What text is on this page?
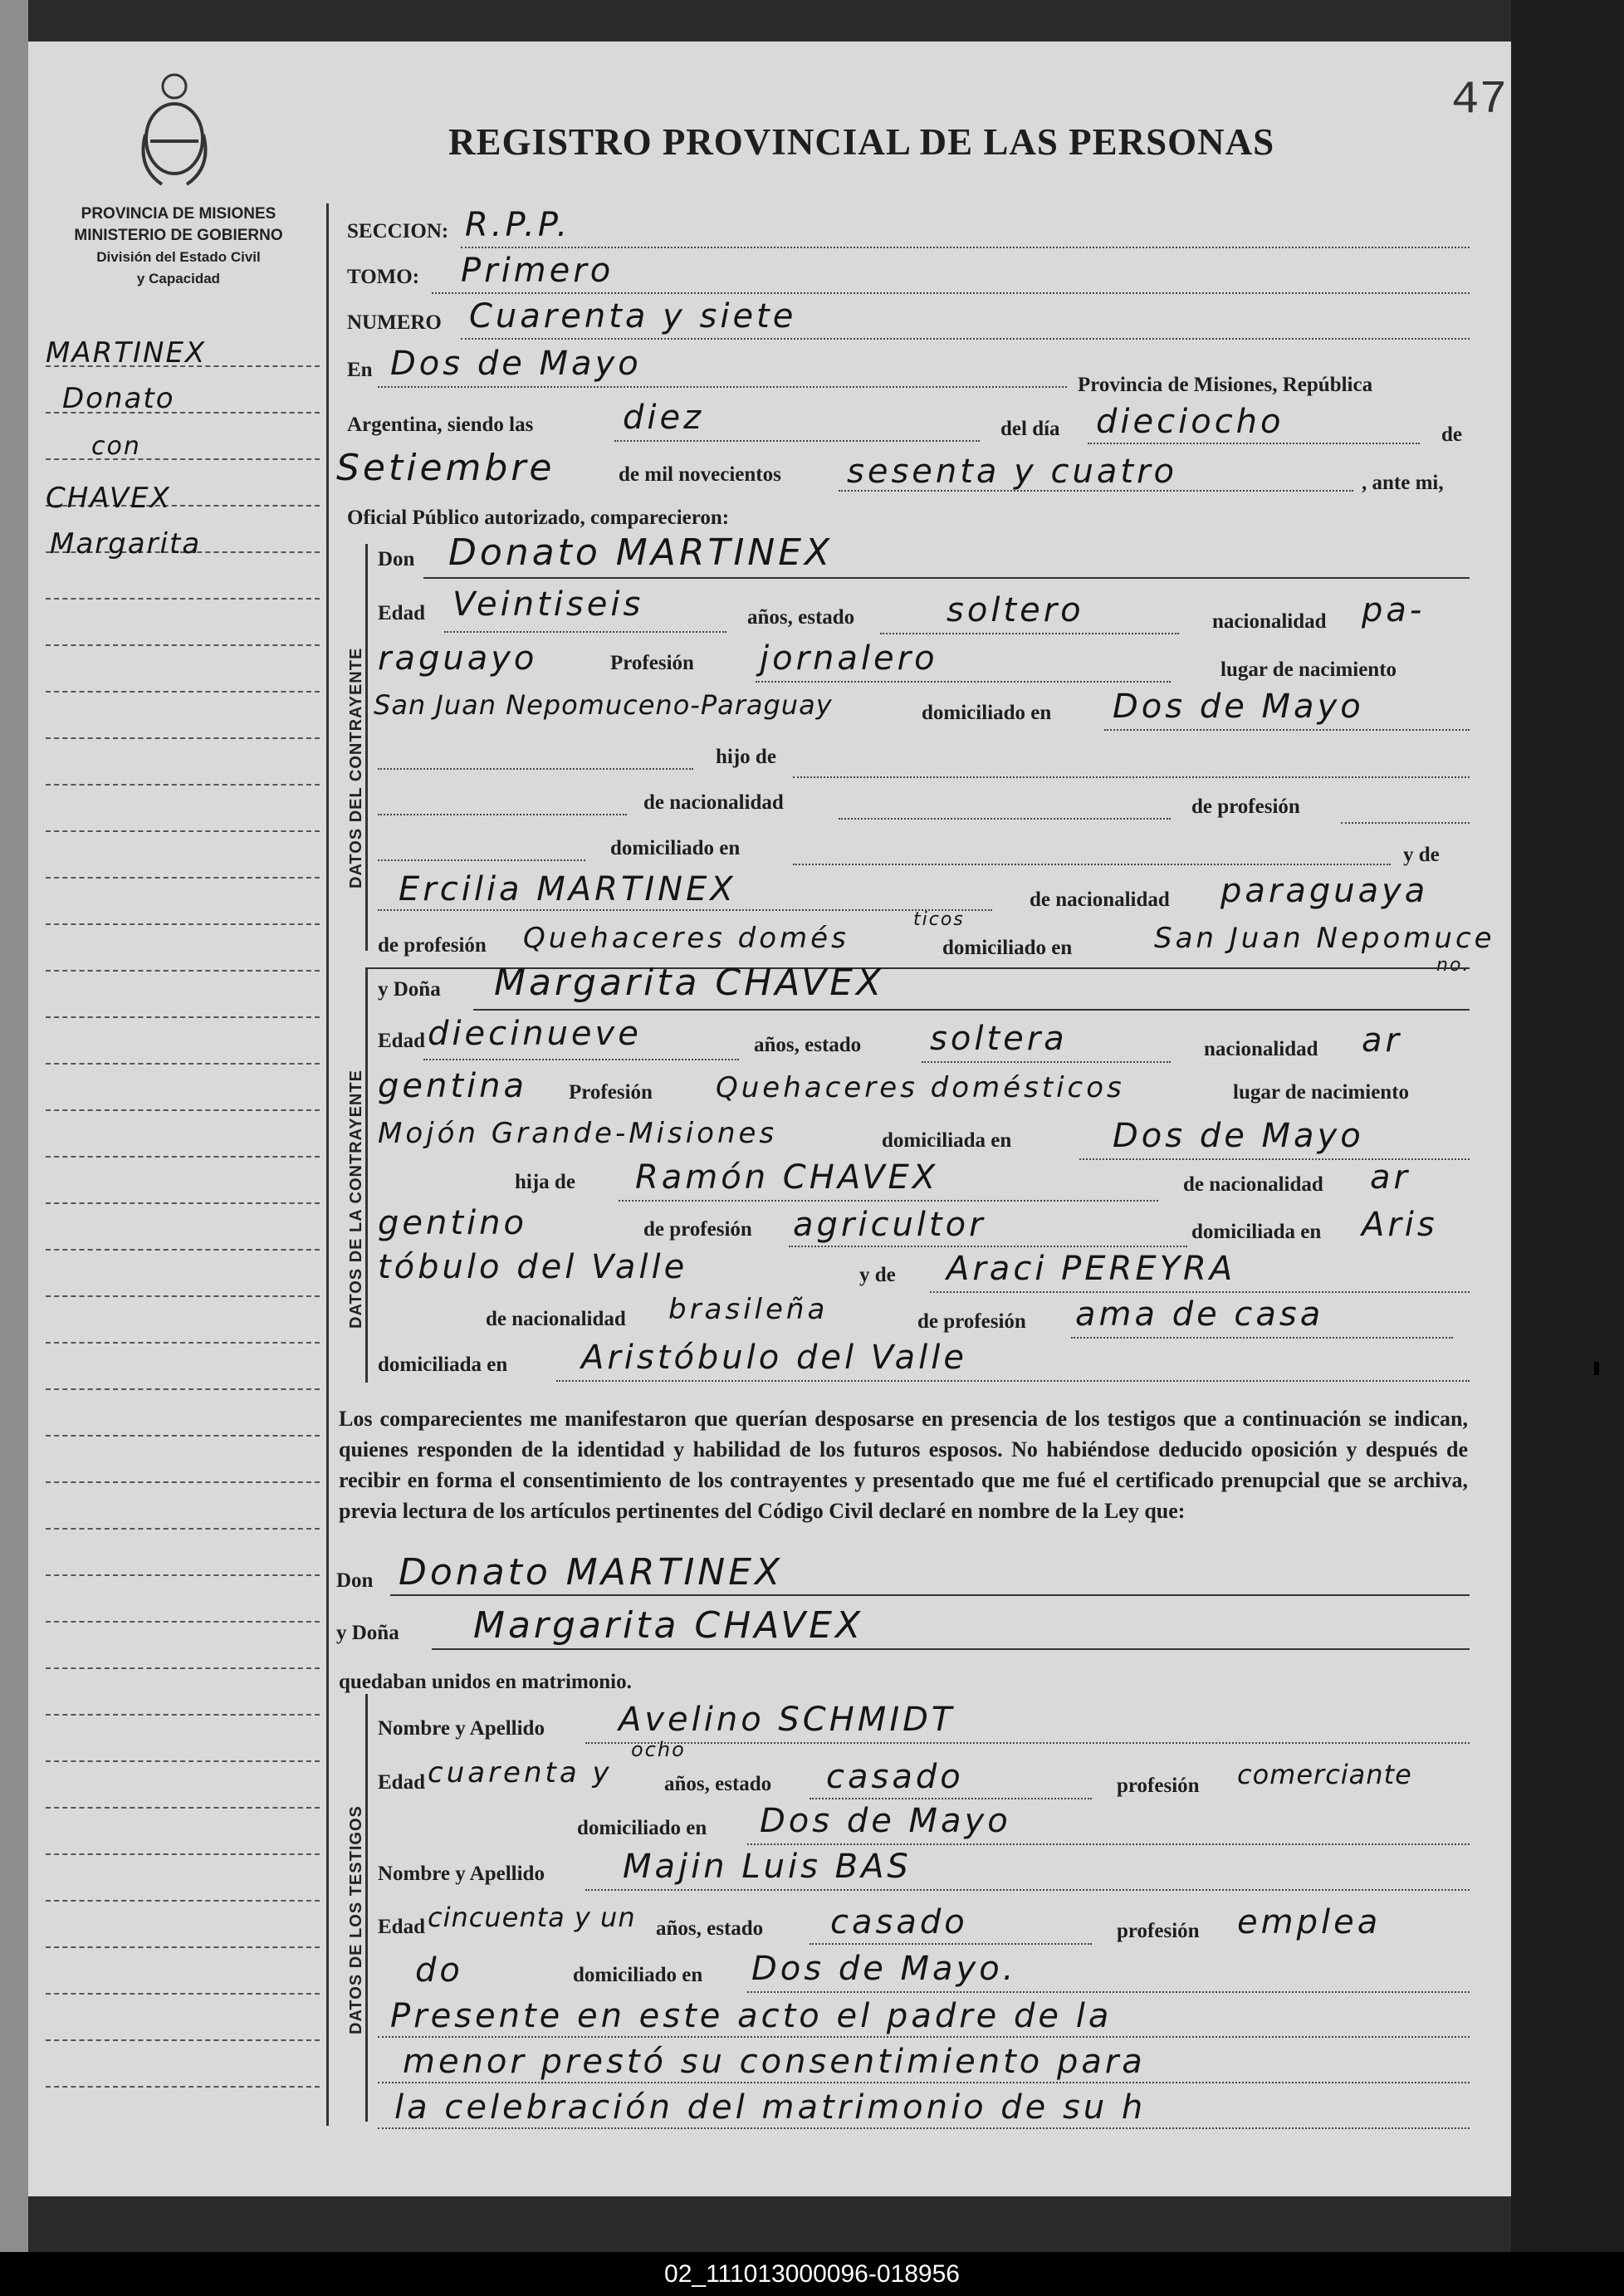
47
REGISTRO PROVINCIAL DE LAS PERSONAS
PROVINCIA DE MISIONES
MINISTERIO DE GOBIERNO
División del Estado Civil
y Capacidad
MARTINEX
Donato
con
CHAVEX
Margarita
SECCION: R.P.P.
TOMO: Primero
NUMERO Cuarenta y siete
En Dos de Mayo
Provincia de Misiones, República
Argentina, siendo las	diez	del día dieciocho	de
Setiembre	de mil novecientos sesenta y cuatro	, ante mi,
Oficial Público autorizado, comparecieron:
DATOS DEL CONTRAYENTE
Don Donato MARTINEX
Edad Veintiseis	años, estado	soltero	nacionalidad pa-
raguayo	Profesión jornalero	lugar de nacimiento
San Juan Nepomuceno-Paraguay	domiciliado en Dos de Mayo
hijo de
de nacionalidad	de profesión
domiciliado en	y de
Ercilia MARTINEX	de nacionalidad paraguaya
de profesión Quehaceres domés
ticos
domiciliado en	San Juan Nepomuce
no.
DATOS DE LA CONTRAYENTE
y Doña Margarita CHAVEX
Edad diecinueve	años, estado soltera	nacionalidad ar
gentina Profesión Quehaceres domésticos	lugar de nacimiento
Mojón Grande-Misiones	domiciliada en	Dos de Mayo
hija de Ramón CHAVEX	de nacionalidad ar
gentino	de profesión agricultor	domiciliada en Aris
tóbulo del Valle	y de Araci PEREYRA
de nacionalidad brasileña	de profesión ama de casa
domiciliada en Aristóbulo del Valle
Los comparecientes me manifestaron que querían desposarse en presencia de los testigos que a continuación se indican, quienes responden de la identidad y habilidad de los futuros esposos. No habiéndose deducido oposición y después de recibir en forma el consentimiento de los contrayentes y presentado que me fué el certificado prenupcial que se archiva, previa lectura de los artículos pertinentes del Código Civil declaré en nombre de la Ley que:
Don Donato MARTINEX
y Doña Margarita CHAVEX
quedaban unidos en matrimonio.
DATOS DE LOS TESTIGOS
Nombre y Apellido Avelino SCHMIDT
Edad cuarenta y
ocho
años, estado casado	profesión comerciante
domiciliado en Dos de Mayo
Nombre y Apellido Majin Luis BAS
Edad cincuenta y un años, estado casado	profesión emplea
do	domiciliado en Dos de Mayo.
Presente en este acto el padre de la
menor prestó su consentimiento para
la celebración del matrimonio de su h
02_111013000096-018956
